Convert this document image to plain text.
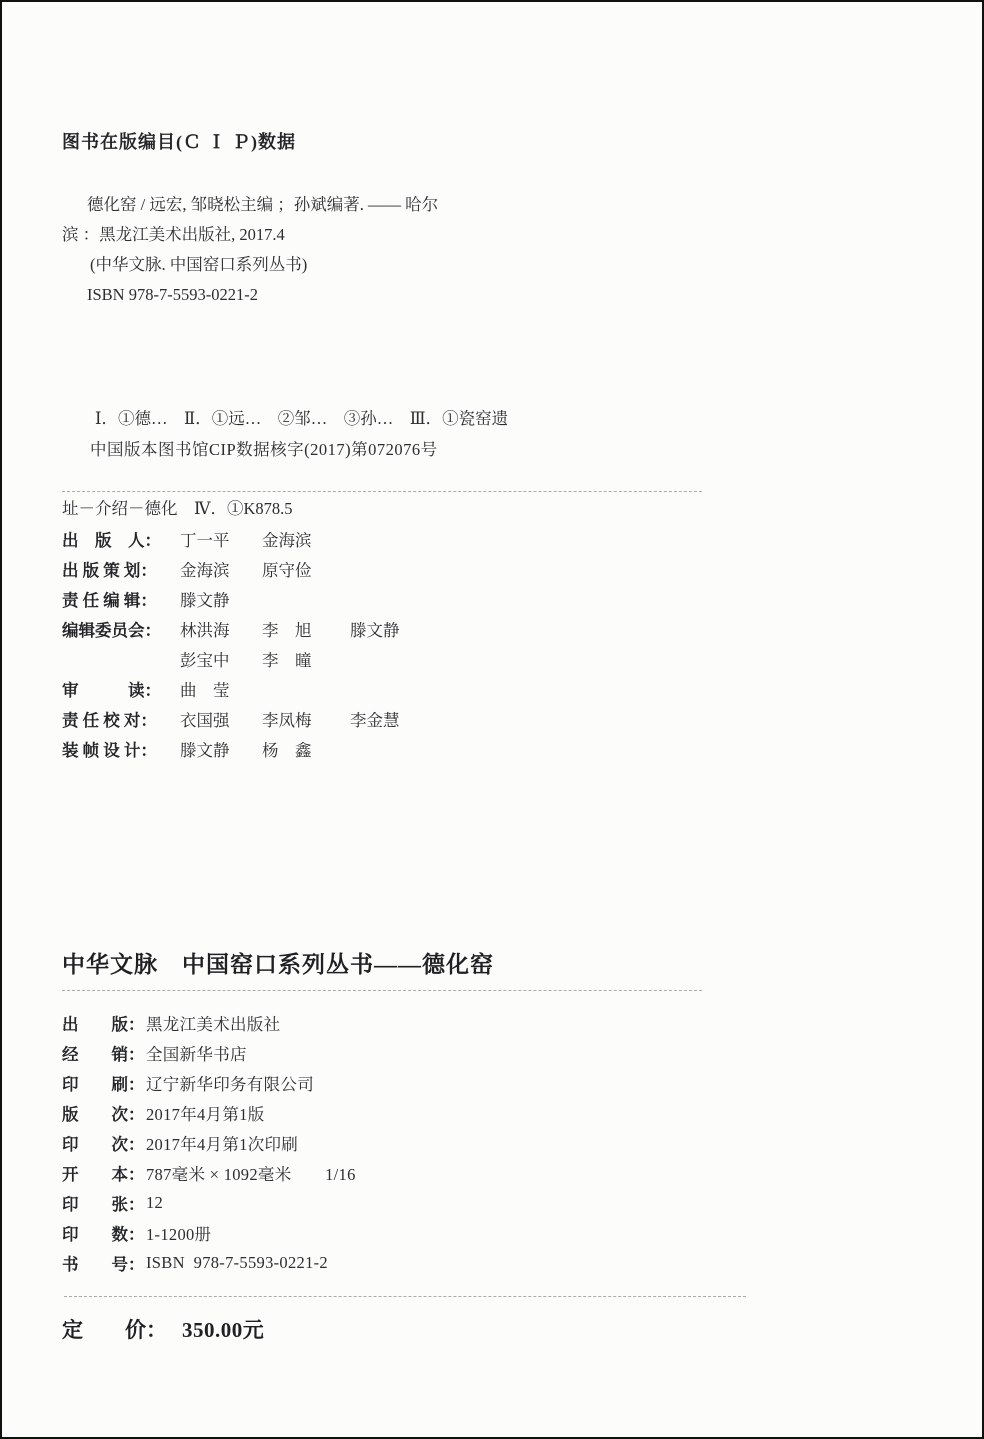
图书在版编目(Ｃ Ｉ Ｐ)数据
德化窑 / 远宏, 邹晓松主编 ；孙斌编著. —— 哈尔
滨 ：黑龙江美术出版社, 2017.4
(中华文脉. 中国窑口系列丛书)
ISBN 978-7-5593-0221-2

Ⅰ．①德…　Ⅱ．①远…　②邹…　③孙…　Ⅲ．①瓷窑遗

址－介绍－德化　Ⅳ．①K878.5

中国版本图书馆CIP数据核字(2017)第072076号
出　版　人：	丁一平	金海滨
出 版 策 划：	金海滨	原守俭
责 任 编 辑：	滕文静
编辑委员会：	林洪海	李　旭	滕文静
彭宝中	李　曈
审　　　读：	曲　莹
责 任 校 对：	衣国强	李凤梅	李金慧
装 帧 设 计：	滕文静	杨　鑫
中华文脉　中国窑口系列丛书——德化窑
出　　版： 黑龙江美术出版社
经　　销： 全国新华书店
印　　刷： 辽宁新华印务有限公司
版　　次： 2017年4月第1版
印　　次： 2017年4月第1次印刷
开　　本： 787毫米 × 1092毫米　　1/16
印　　张： 12
印　　数： 1-1200册
书　　号： ISBN  978-7-5593-0221-2
定　　价： 350.00元
